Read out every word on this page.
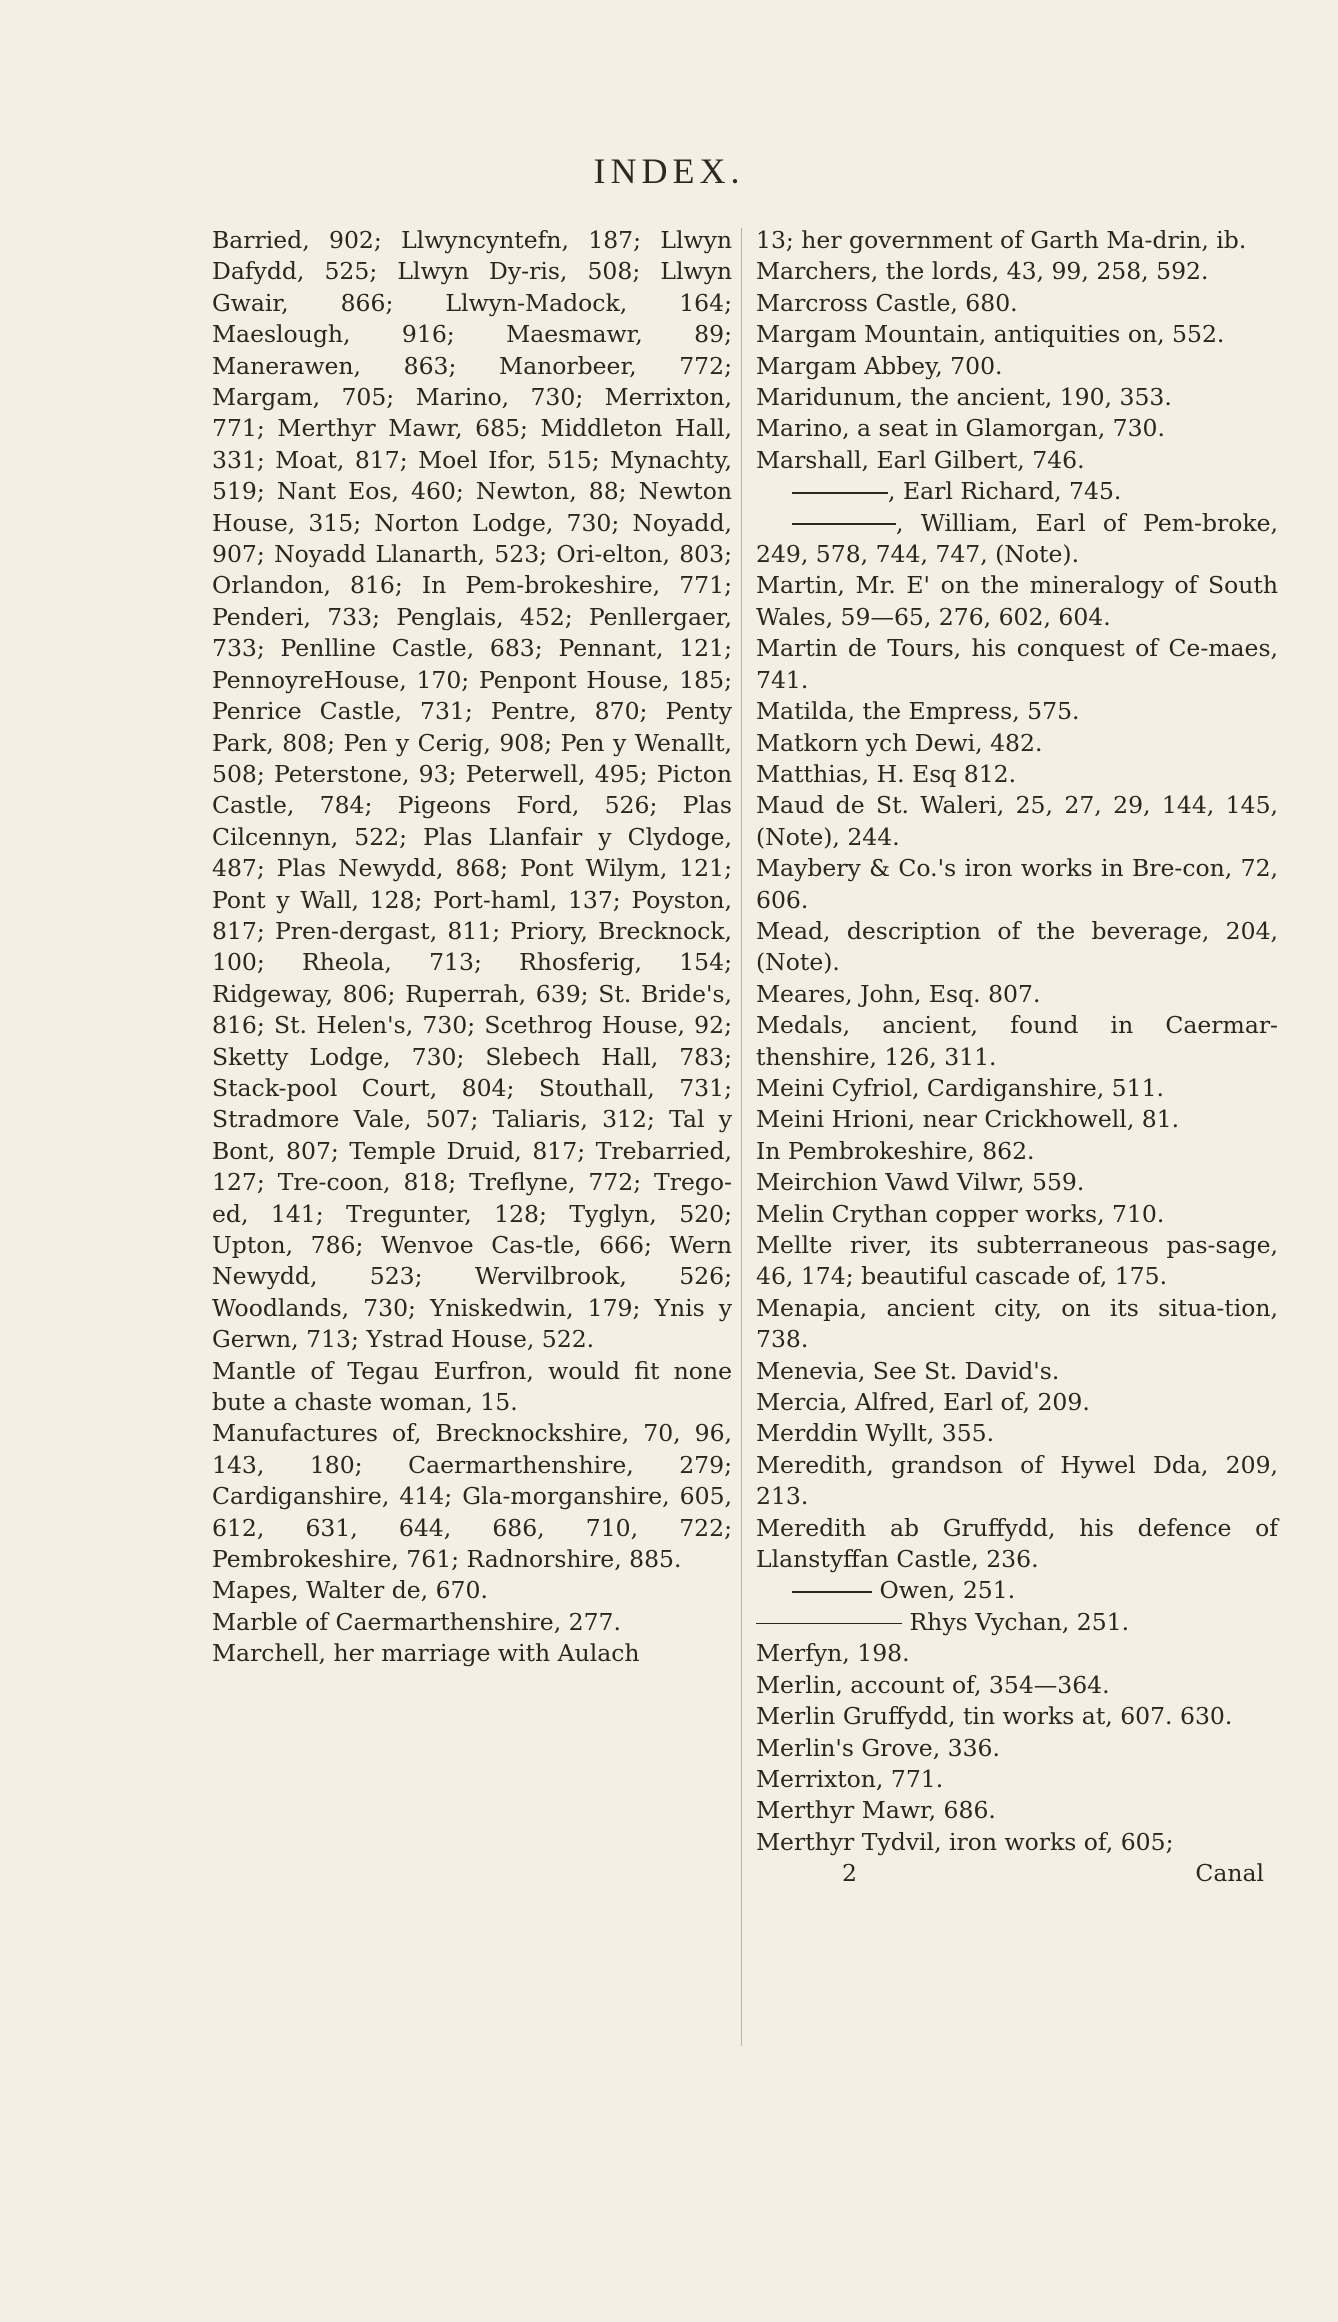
INDEX.

Barried, 902; Llwyncyntefn, 187; Llwyn Dafydd, 525; Llwyn Dy-ris, 508; Llwyn Gwair, 866; Llwyn-Madock, 164; Maeslough, 916; Maesmawr, 89; Manerawen, 863; Manorbeer, 772; Margam, 705; Marino, 730; Merrixton, 771; Merthyr Mawr, 685; Middleton Hall, 331; Moat, 817; Moel Ifor, 515; Mynachty, 519; Nant Eos, 460; Newton, 88; Newton House, 315; Norton Lodge, 730; Noyadd, 907; Noyadd Llanarth, 523; Ori-elton, 803; Orlandon, 816; In Pem-brokeshire, 771; Penderi, 733; Penglais, 452; Penllergaer, 733; Penlline Castle, 683; Pennant, 121; PennoyreHouse, 170; Penpont House, 185; Penrice Castle, 731; Pentre, 870; Penty Park, 808; Pen y Cerig, 908; Pen y Wenallt, 508; Peterstone, 93; Peterwell, 495; Picton Castle, 784; Pigeons Ford, 526; Plas Cilcennyn, 522; Plas Llanfair y Clydoge, 487; Plas Newydd, 868; Pont Wilym, 121; Pont y Wall, 128; Port-haml, 137; Poyston, 817; Pren-dergast, 811; Priory, Brecknock, 100; Rheola, 713; Rhosferig, 154; Ridgeway, 806; Ruperrah, 639; St. Bride's, 816; St. Helen's, 730; Scethrog House, 92; Sketty Lodge, 730; Slebech Hall, 783; Stack-pool Court, 804; Stouthall, 731; Stradmore Vale, 507; Taliaris, 312; Tal y Bont, 807; Temple Druid, 817; Trebarried, 127; Tre-coon, 818; Treflyne, 772; Trego-ed, 141; Tregunter, 128; Tyglyn, 520; Upton, 786; Wenvoe Cas-tle, 666; Wern Newydd, 523; Wervilbrook, 526; Woodlands, 730; Yniskedwin, 179; Ynis y Gerwn, 713; Ystrad House, 522.

Mantle of Tegau Eurfron, would fit none bute a chaste woman, 15.

Manufactures of, Brecknockshire, 70, 96, 143, 180; Caermarthenshire, 279; Cardiganshire, 414; Gla-morganshire, 605, 612, 631, 644, 686, 710, 722; Pembrokeshire, 761; Radnorshire, 885.

Mapes, Walter de, 670.

Marble of Caermarthenshire, 277.

Marchell, her marriage with Aulach

13; her government of Garth Ma-drin, ib.

Marchers, the lords, 43, 99, 258, 592.

Marcross Castle, 680.

Margam Mountain, antiquities on, 552.

Margam Abbey, 700.

Maridunum, the ancient, 190, 353.

Marino, a seat in Glamorgan, 730.

Marshall, Earl Gilbert, 746.

, Earl Richard, 745.

, William, Earl of Pem-broke, 249, 578, 744, 747, (Note).

Martin, Mr. E' on the mineralogy of South Wales, 59—65, 276, 602, 604.

Martin de Tours, his conquest of Ce-maes, 741.

Matilda, the Empress, 575.

Matkorn ych Dewi, 482.

Matthias, H. Esq 812.

Maud de St. Waleri, 25, 27, 29, 144, 145, (Note), 244.

Maybery & Co.'s iron works in Bre-con, 72, 606.

Mead, description of the beverage, 204, (Note).

Meares, John, Esq. 807.

Medals, ancient, found in Caermar-thenshire, 126, 311.

Meini Cyfriol, Cardiganshire, 511.

Meini Hrioni, near Crickhowell, 81.

In Pembrokeshire, 862.

Meirchion Vawd Vilwr, 559.

Melin Crythan copper works, 710.

Mellte river, its subterraneous pas-sage, 46, 174; beautiful cascade of, 175.

Menapia, ancient city, on its situa-tion, 738.

Menevia, See St. David's.

Mercia, Alfred, Earl of, 209.

Merddin Wyllt, 355.

Meredith, grandson of Hywel Dda, 209, 213.

Meredith ab Gruffydd, his defence of Llanstyffan Castle, 236.

Owen, 251.

Rhys Vychan, 251.

Merfyn, 198.

Merlin, account of, 354—364.

Merlin Gruffydd, tin works at, 607. 630.

Merlin's Grove, 336.

Merrixton, 771.

Merthyr Mawr, 686.

Merthyr Tydvil, iron works of, 605;

2	Canal
